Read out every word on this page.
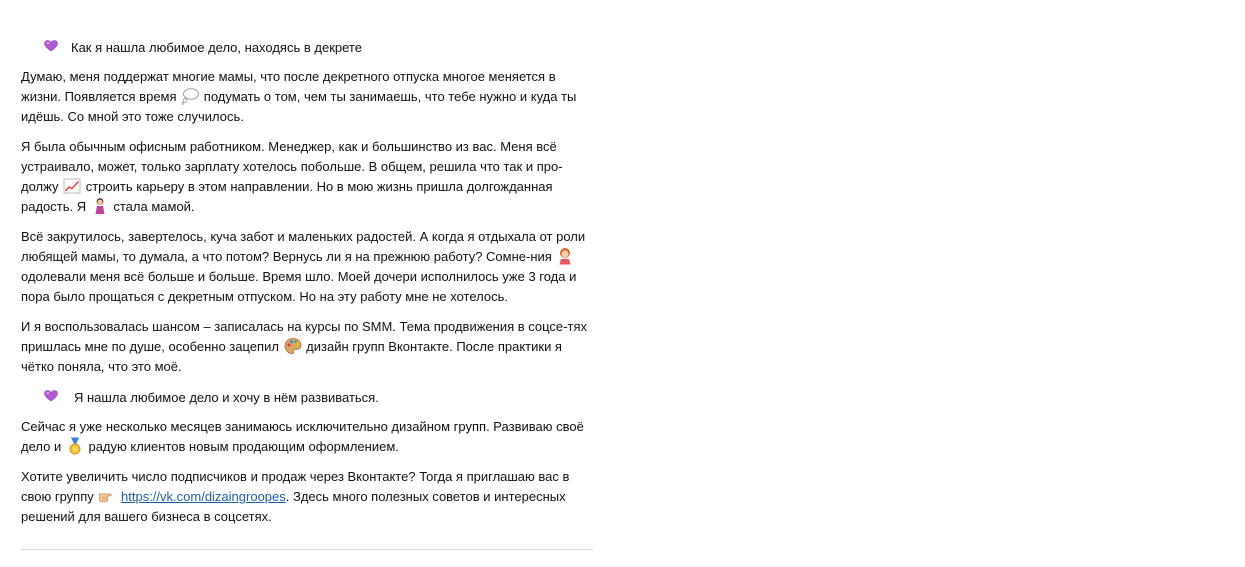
Как я нашла любимое дело, находясь в декрете

Думаю, меня поддержат многие мамы, что после декретного отпуска многое меняется в жизни. Появляется время подумать о том, чем ты занимаешь, что тебе нужно и куда ты идёшь. Со мной это тоже случилось.

Я была обычным офисным работником. Менеджер, как и большинство из вас. Меня всё устраивало, может, только зарплату хотелось побольше. В общем, решила что так и про-должу строить карьеру в этом направлении. Но в мою жизнь пришла долгожданная радость. Я стала мамой.

Всё закрутилось, завертелось, куча забот и маленьких радостей. А когда я отдыхала от роли любящей мамы, то думала, а что потом? Вернусь ли я на прежнюю работу? Сомне-ния  одолевали меня всё больше и больше. Время шло. Моей дочери исполнилось уже 3 года и пора было прощаться с декретным отпуском. Но на эту работу мне не хотелось.

И я воспользовалась шансом – записалась на курсы по SMM. Тема продвижения в соцсе-тях пришлась мне по душе, особенно зацепил дизайн групп Вконтакте. После практики я чётко поняла, что это моё.

Я нашла любимое дело и хочу в нём развиваться.

Сейчас я уже несколько месяцев занимаюсь исключительно дизайном групп. Развиваю своё дело и радую клиентов новым продающим оформлением.

Хотите увеличить число подписчиков и продаж через Вконтакте? Тогда я приглашаю вас в свою группу https://vk.com/dizaingroopes. Здесь много полезных советов и интересных решений для вашего бизнеса в соцсетях.
